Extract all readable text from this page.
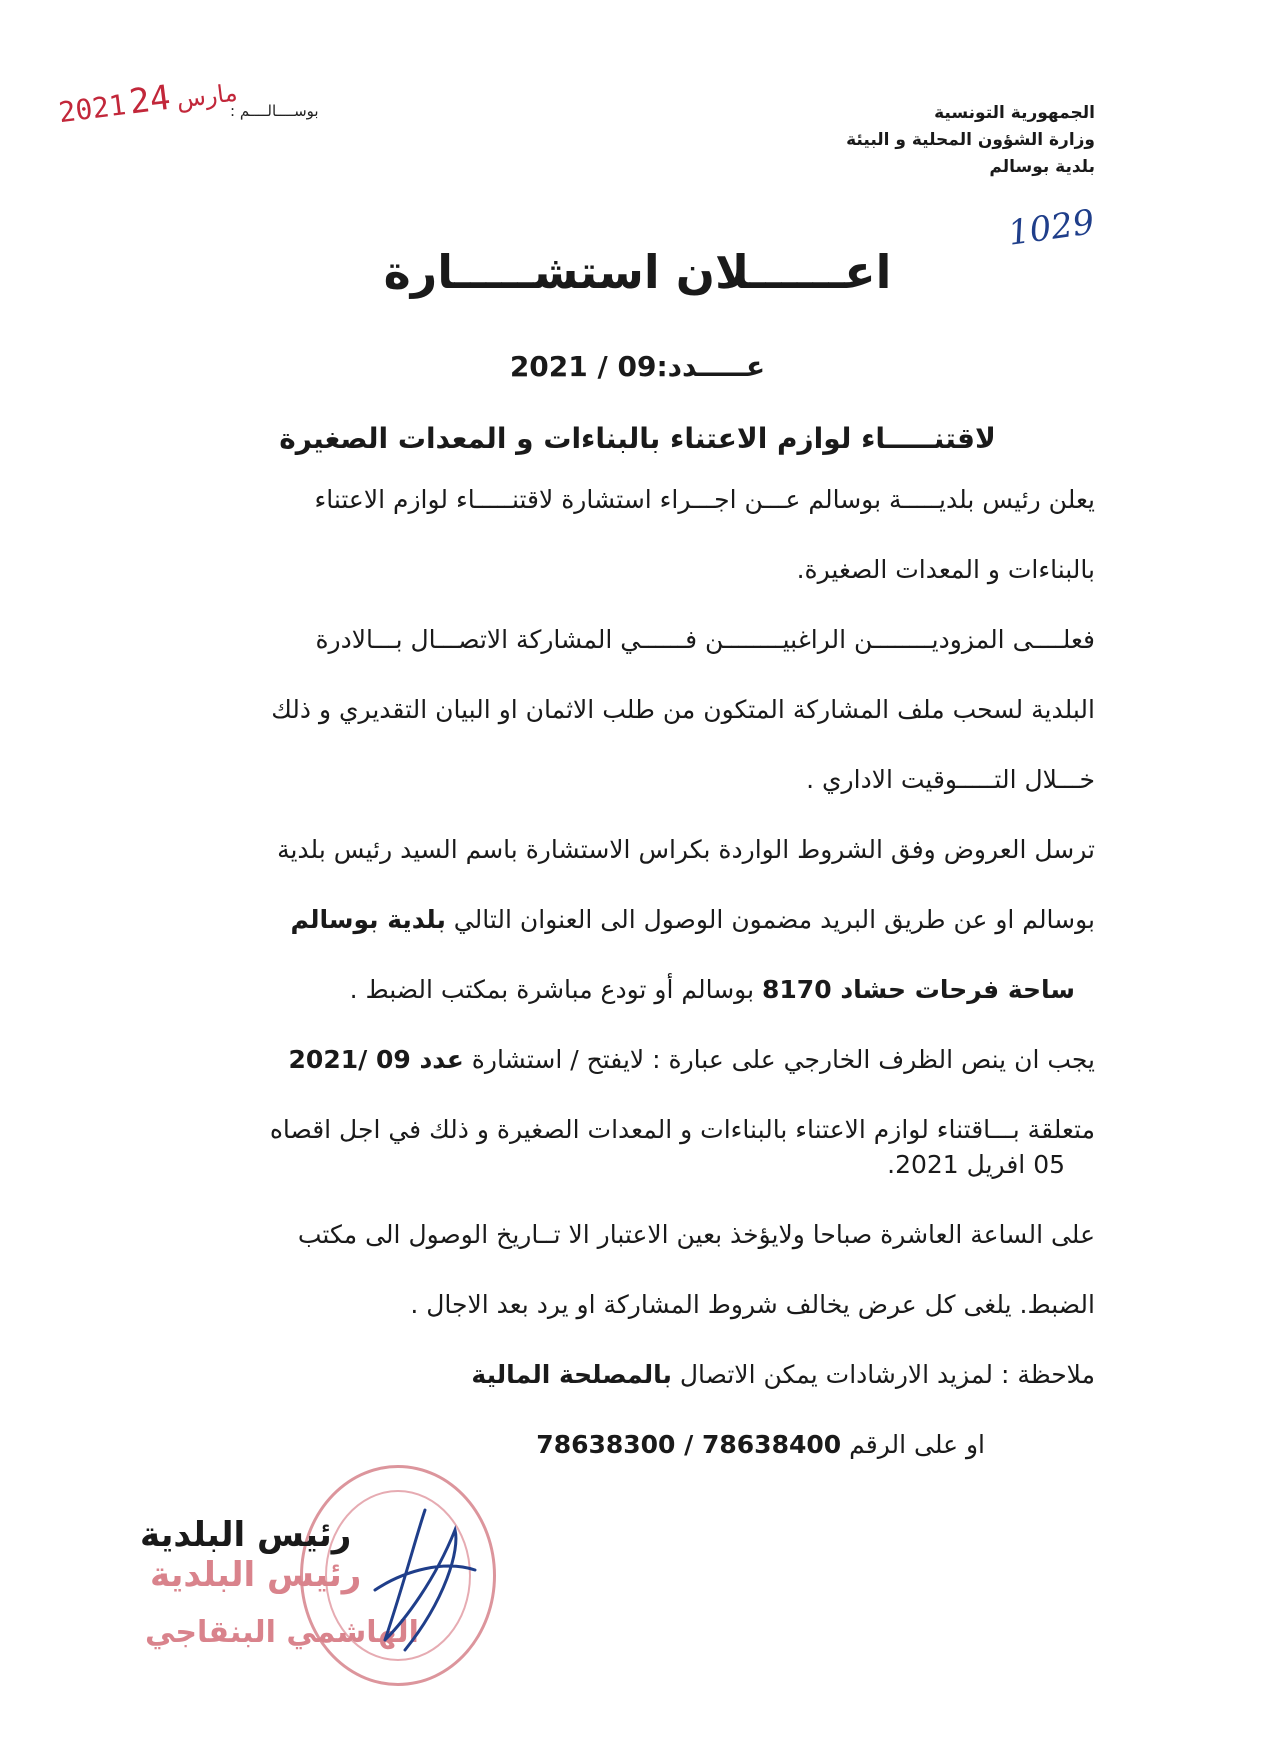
الجمهورية التونسية
وزارة الشؤون المحلية و البيئة
بلدية بوسالم
بوســــالــــم :
2021 مارس24
1029
اعــــــلان استشـــــارة
عـــــدد:09 / 2021
لاقتنـــــاء لوازم الاعتناء بالبناءات و المعدات الصغيرة
يعلن رئيس بلديـــــة بوسالم عـــن اجـــراء استشارة لاقتنـــــاء لوازم الاعتناء
بالبناءات و المعدات الصغيرة.
فعلــــى المزوديــــــــن الراغبيــــــــن فــــــي المشاركة الاتصـــال بـــالادرة
البلدية لسحب ملف المشاركة المتكون من طلب الاثمان او البيان التقديري و ذلك
خـــلال التـــــوقيت الاداري .
ترسل العروض وفق الشروط الواردة بكراس الاستشارة باسم السيد رئيس بلدية
بوسالم او عن طريق البريد مضمون الوصول الى العنوان التالي بلدية بوسالم
ساحة فرحات حشاد 8170 بوسالم أو تودع مباشرة بمكتب الضبط .
يجب ان ينص الظرف الخارجي على عبارة : لايفتح / استشارة عدد 09 /2021
متعلقة بـــاقتناء لوازم الاعتناء بالبناءات و المعدات الصغيرة و ذلك في اجل اقصاه
05 افريل 2021.
على الساعة العاشرة صباحا ولايؤخذ بعين الاعتبار الا تــاريخ الوصول الى مكتب
الضبط. يلغى كل عرض يخالف شروط المشاركة او يرد بعد الاجال .
ملاحظة : لمزيد الارشادات يمكن الاتصال بالمصلحة المالية
او على الرقم 78638300 / 78638400
رئيس البلدية
الهاشمي البنقاجي
رئيس البلدية
